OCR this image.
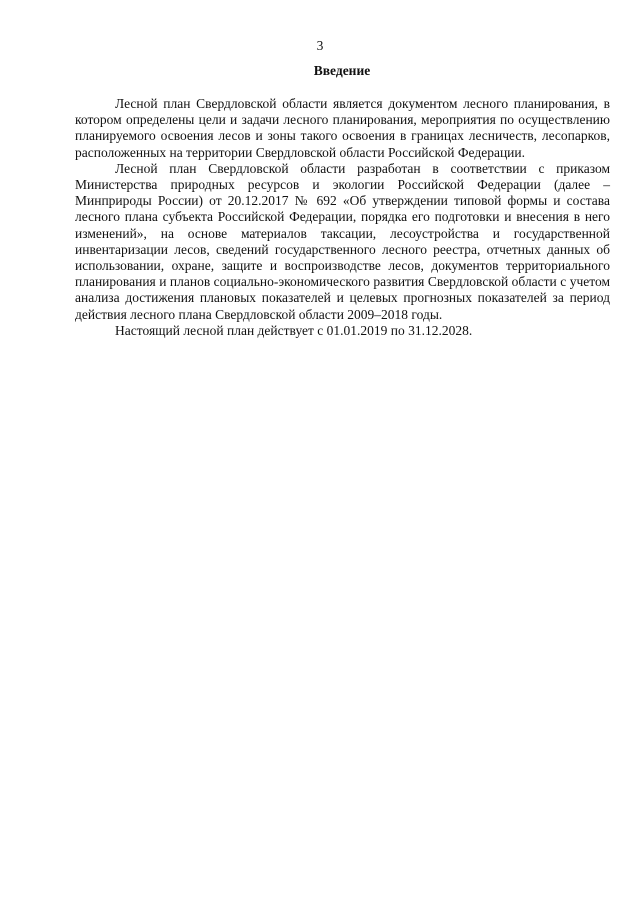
3
Введение

Лесной план Свердловской области является документом лесного планирования, в котором определены цели и задачи лесного планирования, мероприятия по осуществлению планируемого освоения лесов и зоны такого освоения в границах лесничеств, лесопарков, расположенных на территории Свердловской области Российской Федерации.

Лесной план Свердловской области разработан в соответствии с приказом Министерства природных ресурсов и экологии Российской Федерации (далее – Минприроды России) от 20.12.2017 № 692 «Об утверждении типовой формы и состава лесного плана субъекта Российской Федерации, порядка его подготовки и внесения в него изменений», на основе материалов таксации, лесоустройства и государственной инвентаризации лесов, сведений государственного лесного реестра, отчетных данных об использовании, охране, защите и воспроизводстве лесов, документов территориального планирования и планов социально-экономического развития Свердловской области с учетом анализа достижения плановых показателей и целевых прогнозных показателей за период действия лесного плана Свердловской области 2009–2018 годы.

Настоящий лесной план действует с 01.01.2019 по 31.12.2028.
